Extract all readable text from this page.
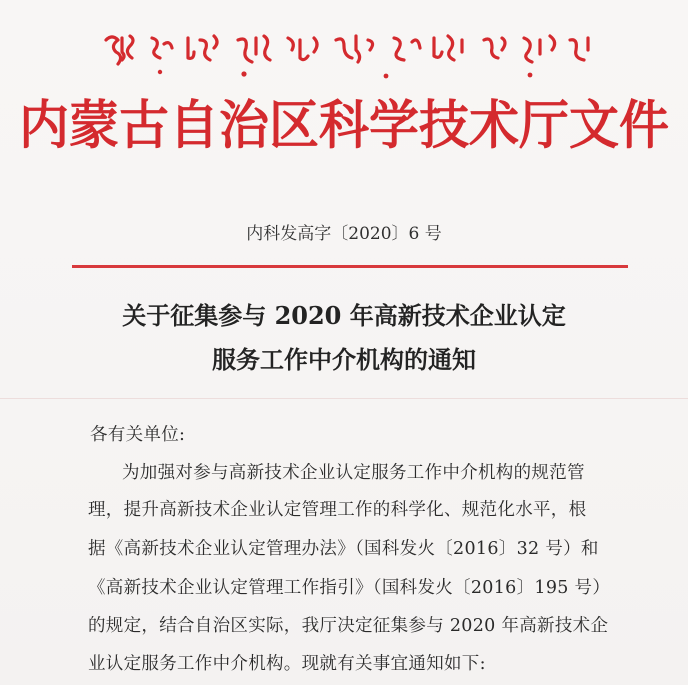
内蒙古自治区科学技术厅文件
内科发高字〔2020〕6 号
关于征集参与 2020 年高新技术企业认定
服务工作中介机构的通知
各有关单位:
为加强对参与高新技术企业认定服务工作中介机构的规范管
理，提升高新技术企业认定管理工作的科学化、规范化水平，根
据《高新技术企业认定管理办法》（国科发火〔2016〕32 号）和
《高新技术企业认定管理工作指引》（国科发火〔2016〕195 号）
的规定，结合自治区实际，我厅决定征集参与 2020 年高新技术企
业认定服务工作中介机构。现就有关事宜通知如下:
